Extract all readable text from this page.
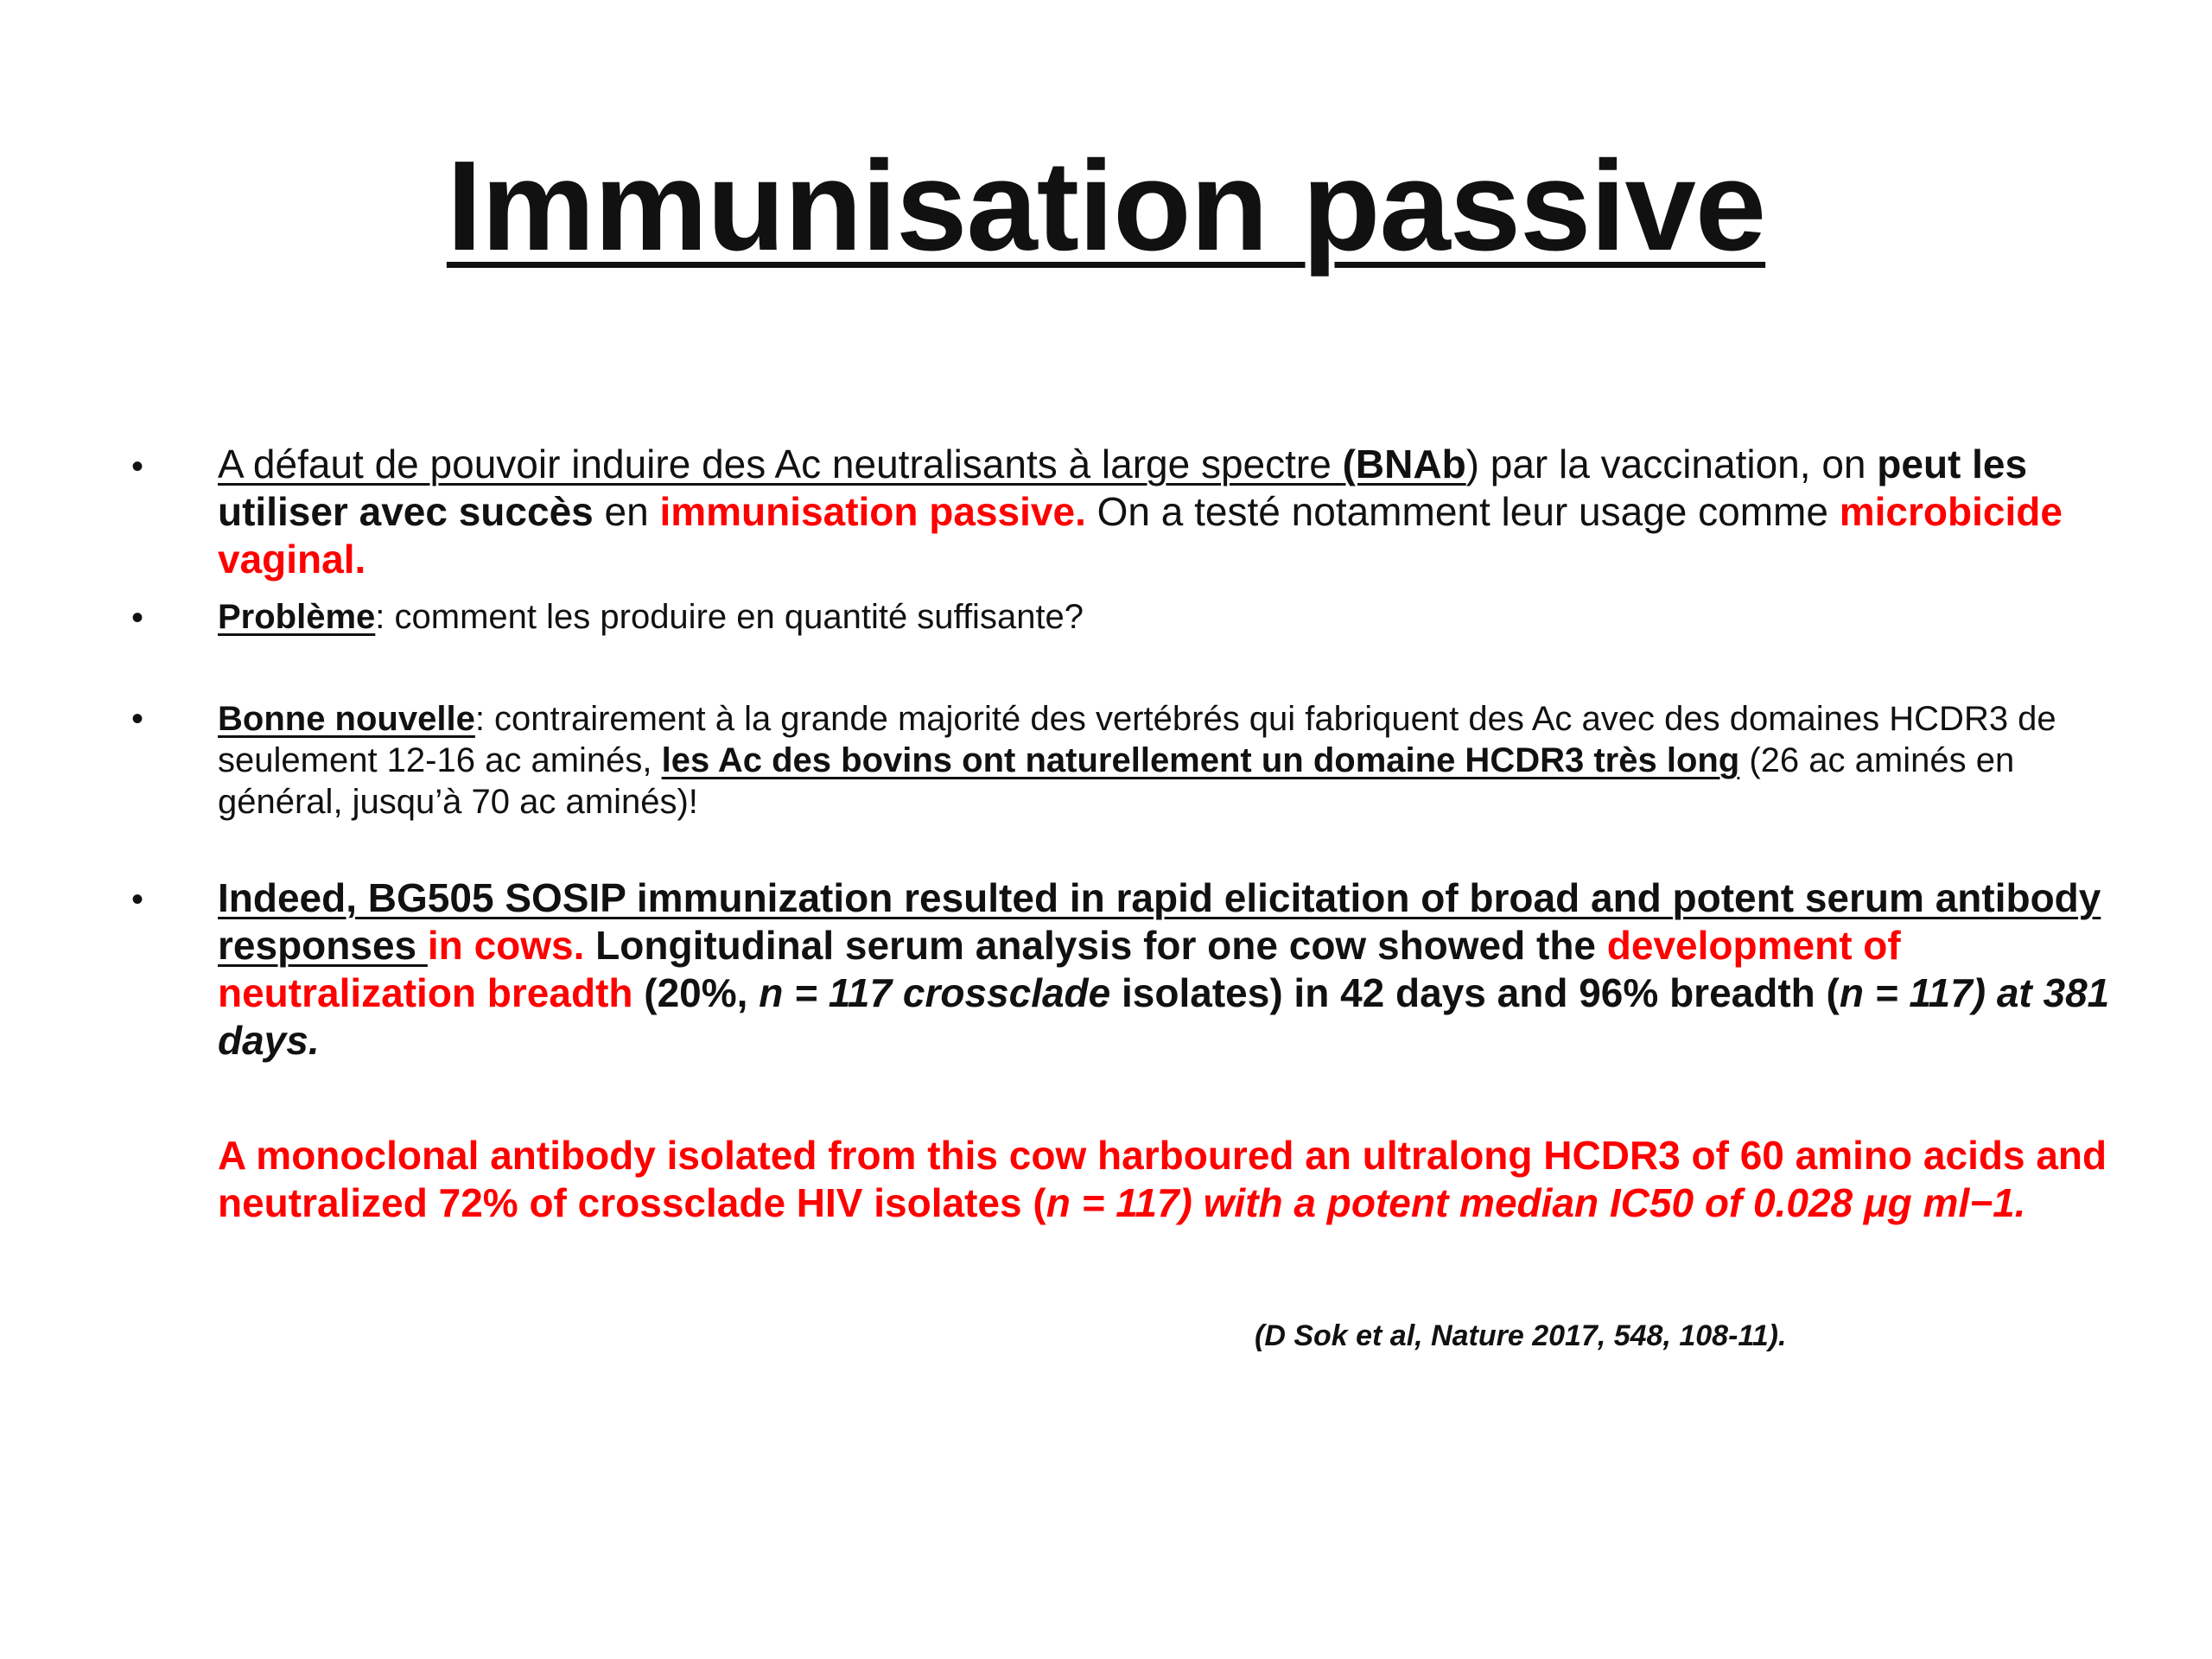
Immunisation passive
• A défaut de pouvoir induire des Ac neutralisants à large spectre (BNAb) par la vaccination, on peut les utiliser avec succès en immunisation passive. On a testé notamment leur usage comme microbicide vaginal.
• Problème: comment les produire en quantité suffisante?
• Bonne nouvelle: contrairement à la grande majorité des vertébrés qui fabriquent des Ac avec des domaines HCDR3 de seulement 12-16 ac aminés, les Ac des bovins ont naturellement un domaine HCDR3 très long (26 ac aminés en général, jusqu’à 70 ac aminés)!
• Indeed, BG505 SOSIP immunization resulted in rapid elicitation of broad and potent serum antibody responses in cows. Longitudinal serum analysis for one cow showed the development of neutralization breadth (20%, n = 117 crossclade isolates) in 42 days and 96% breadth (n = 117) at 381 days.
A monoclonal antibody isolated from this cow harboured an ultralong HCDR3 of 60 amino acids and neutralized 72% of crossclade HIV isolates (n = 117) with a potent median IC50 of 0.028 μg ml−1.
(D Sok et al, Nature 2017, 548, 108-11).
